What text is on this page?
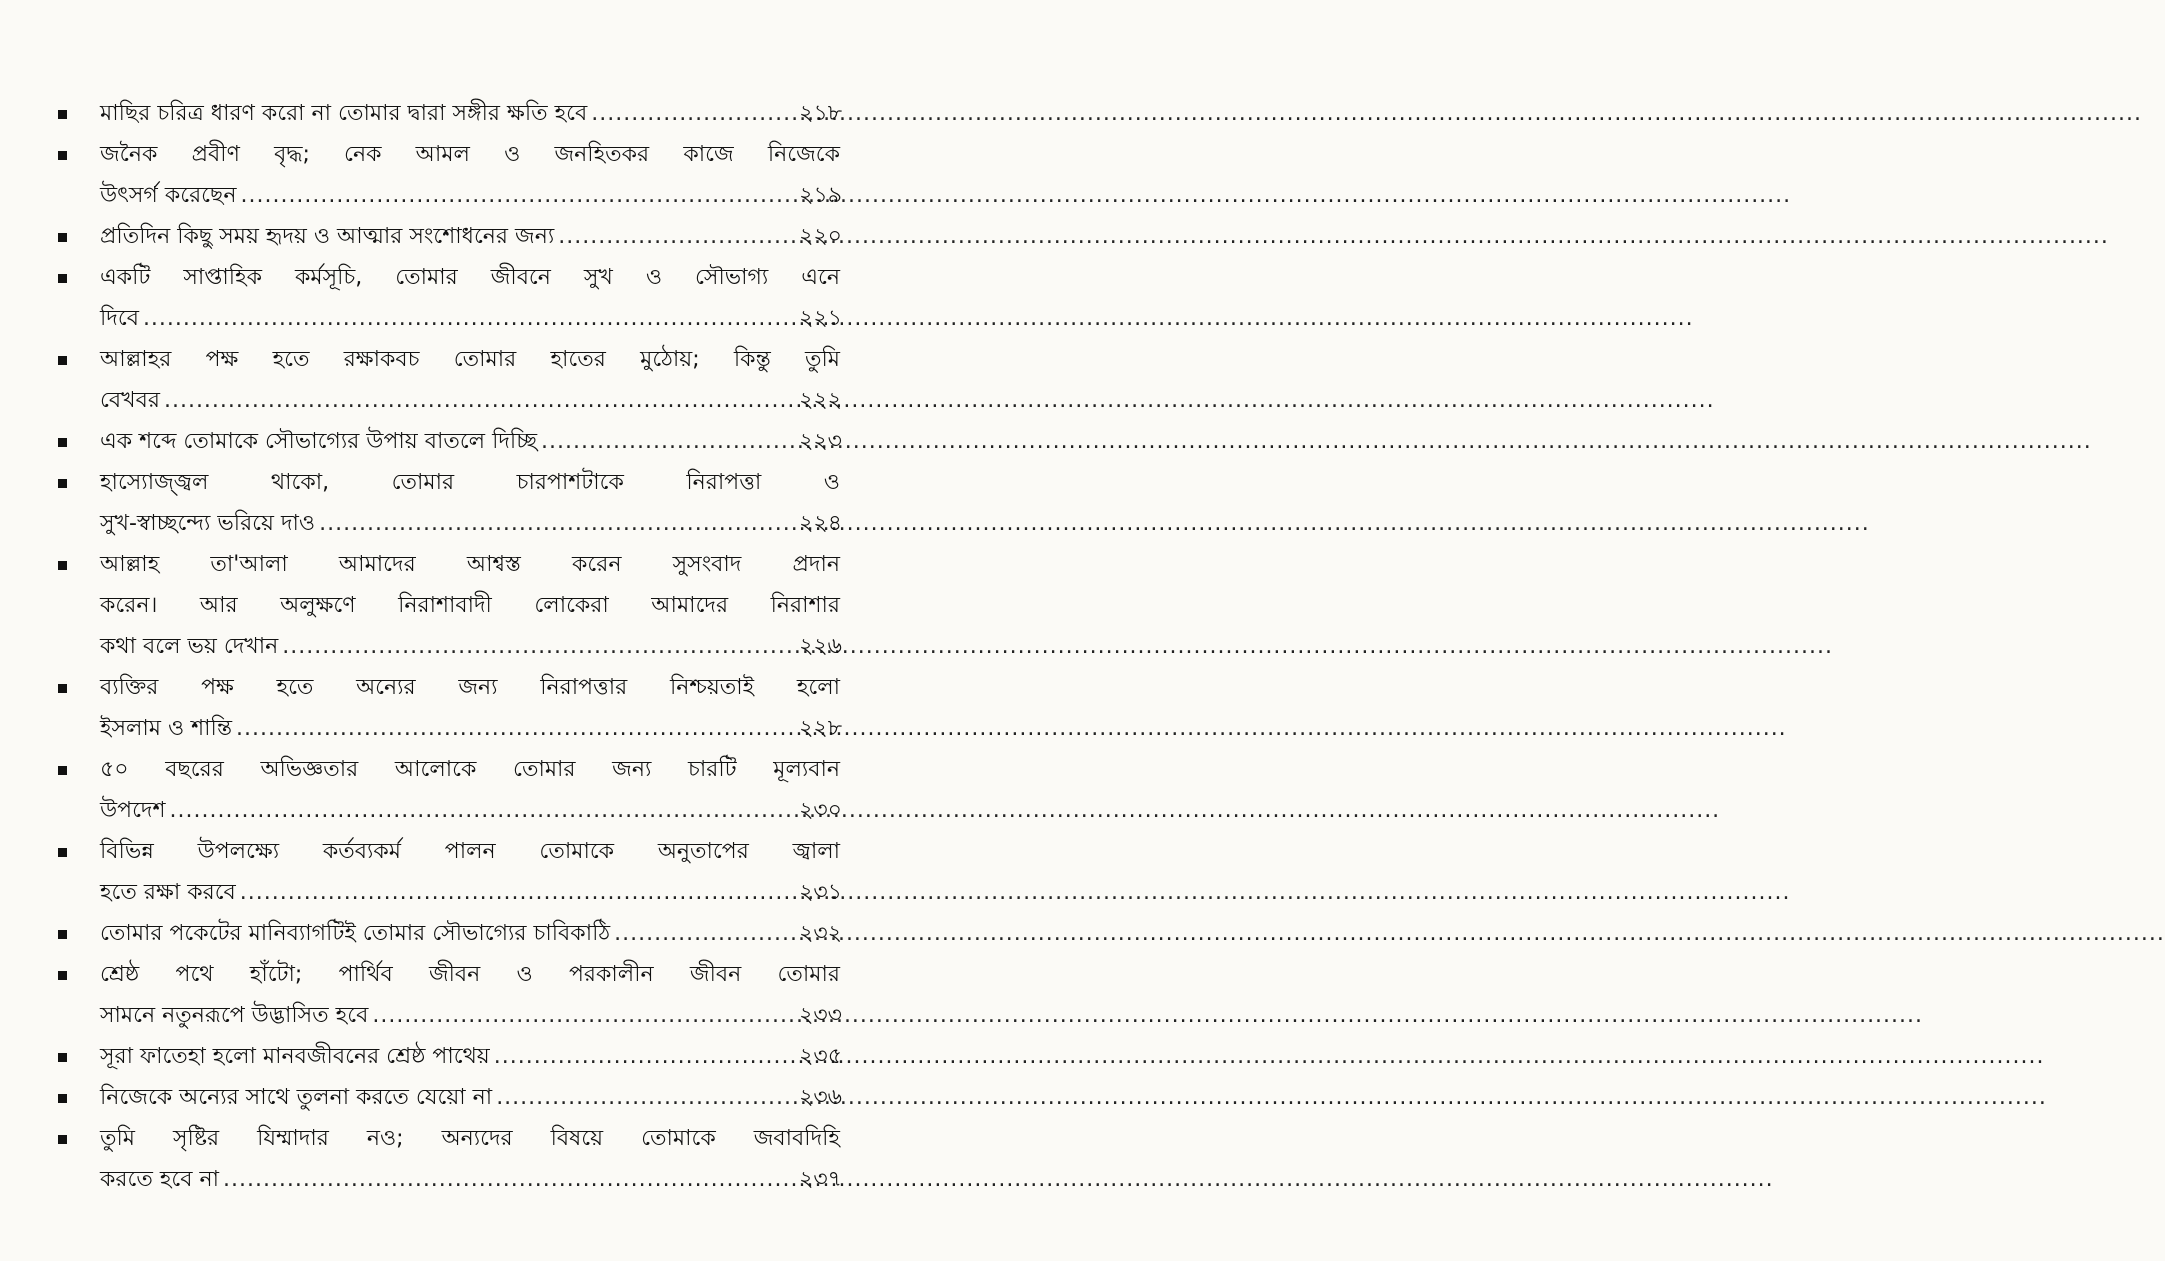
মাছির চরিত্র ধারণ করো না তোমার দ্বারা সঙ্গীর ক্ষতি হবে .....	২১৮
জনৈক প্রবীণ বৃদ্ধ; নেক আমল ও জনহিতকর কাজে নিজেকে
উৎসর্গ করেছেন .....	২১৯
প্রতিদিন কিছু সময় হৃদয় ও আত্মার সংশোধনের জন্য .....	২২০
একটি সাপ্তাহিক কর্মসূচি, তোমার জীবনে সুখ ও সৌভাগ্য এনে
দিবে .....	২২১
আল্লাহর পক্ষ হতে রক্ষাকবচ তোমার হাতের মুঠোয়; কিন্তু তুমি
বেখবর .....	২২২
এক শব্দে তোমাকে সৌভাগ্যের উপায় বাতলে দিচ্ছি .....	২২৩
হাস্যোজ্জ্বল থাকো, তোমার চারপাশটাকে নিরাপত্তা ও
সুখ-স্বাচ্ছন্দ্যে ভরিয়ে দাও .....	২২৪
আল্লাহ তা'আলা আমাদের আশ্বস্ত করেন সুসংবাদ প্রদান
করেন। আর অলুক্ষণে নিরাশাবাদী লোকেরা আমাদের নিরাশার
কথা বলে ভয় দেখান .....	২২৬
ব্যক্তির পক্ষ হতে অন্যের জন্য নিরাপত্তার নিশ্চয়তাই হলো
ইসলাম ও শান্তি .....	২২৮
৫০ বছরের অভিজ্ঞতার আলোকে তোমার জন্য চারটি মূল্যবান
উপদেশ .....	২৩০
বিভিন্ন উপলক্ষ্যে কর্তব্যকর্ম পালন তোমাকে অনুতাপের জ্বালা
হতে রক্ষা করবে .....	২৩১
তোমার পকেটের মানিব্যাগটিই তোমার সৌভাগ্যের চাবিকাঠি .....	২৩২
শ্রেষ্ঠ পথে হাঁটো; পার্থিব জীবন ও পরকালীন জীবন তোমার
সামনে নতুনরূপে উদ্ভাসিত হবে .....	২৩৩
সূরা ফাতেহা হলো মানবজীবনের শ্রেষ্ঠ পাথেয় .....	২৩৫
নিজেকে অন্যের সাথে তুলনা করতে যেয়ো না .....	২৩৬
তুমি সৃষ্টির যিম্মাদার নও; অন্যদের বিষয়ে তোমাকে জবাবদিহি
করতে হবে না .....	২৩৭
